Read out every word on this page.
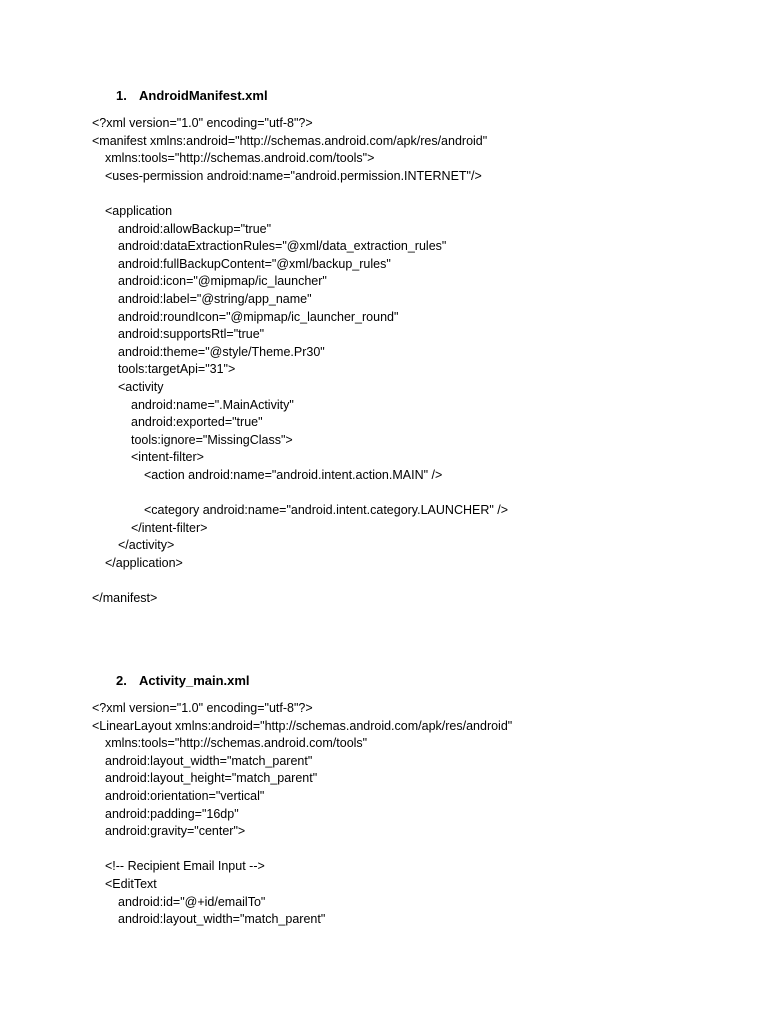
1. AndroidManifest.xml
<?xml version="1.0" encoding="utf-8"?>
<manifest xmlns:android="http://schemas.android.com/apk/res/android"
xmlns:tools="http://schemas.android.com/tools">
<uses-permission android:name="android.permission.INTERNET"/>
<application
android:allowBackup="true"
android:dataExtractionRules="@xml/data_extraction_rules"
android:fullBackupContent="@xml/backup_rules"
android:icon="@mipmap/ic_launcher"
android:label="@string/app_name"
android:roundIcon="@mipmap/ic_launcher_round"
android:supportsRtl="true"
android:theme="@style/Theme.Pr30"
tools:targetApi="31">
<activity
android:name=".MainActivity"
android:exported="true"
tools:ignore="MissingClass">
<intent-filter>
<action android:name="android.intent.action.MAIN" />
<category android:name="android.intent.category.LAUNCHER" />
</intent-filter>
</activity>
</application>
</manifest>
2. Activity_main.xml
<?xml version="1.0" encoding="utf-8"?>
<LinearLayout xmlns:android="http://schemas.android.com/apk/res/android"
xmlns:tools="http://schemas.android.com/tools"
android:layout_width="match_parent"
android:layout_height="match_parent"
android:orientation="vertical"
android:padding="16dp"
android:gravity="center">
<!-- Recipient Email Input -->
<EditText
android:id="@+id/emailTo"
android:layout_width="match_parent"
